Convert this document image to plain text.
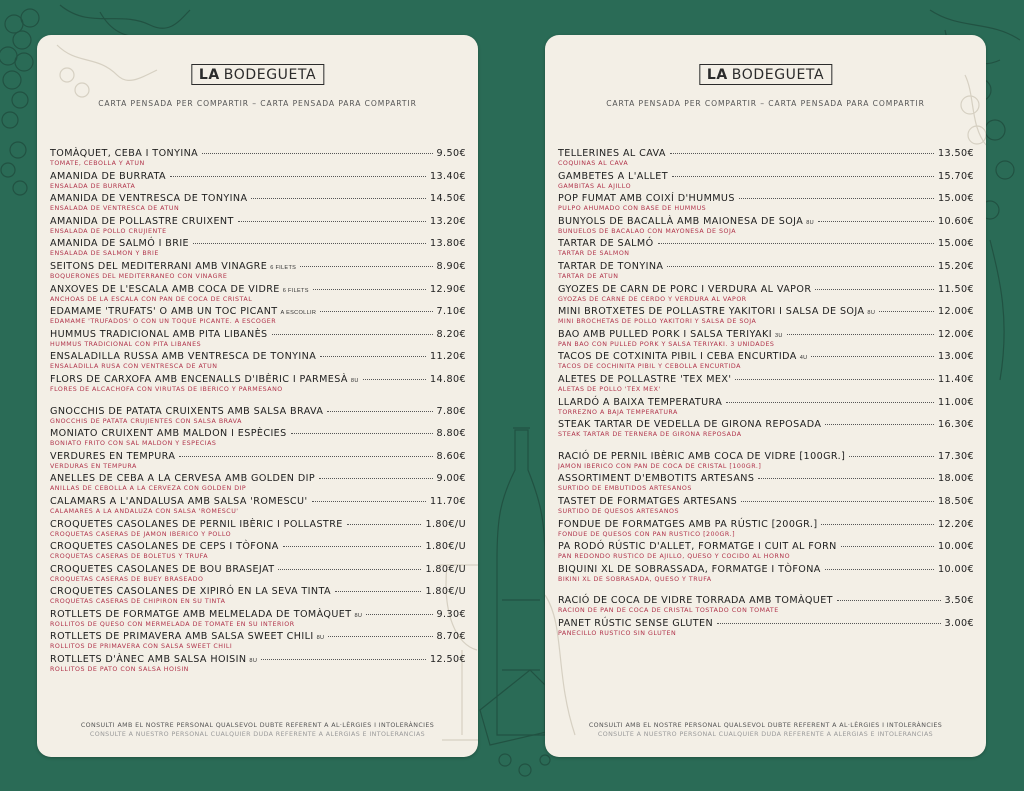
LA BODEGUETA
CARTA PENSADA PER COMPARTIR – CARTA PENSADA PARA COMPARTIR
TOMÀQUET, CEBA I TONYINA	9.50€
TOMATE, CEBOLLA Y ATÚN
AMANIDA DE BURRATA	13.40€
ENSALADA DE BURRATA
AMANIDA DE VENTRESCA DE TONYINA	14.50€
ENSALADA DE VENTRESCA DE ATÚN
AMANIDA DE POLLASTRE CRUIXENT	13.20€
ENSALADA DE POLLO CRUJIENTE
AMANIDA DE SALMÓ I BRIE	13.80€
ENSALADA DE SALMÓN Y BRIE
SEITONS DEL MEDITERRANI AMB VINAGRE 6 FILETS	8.90€
BOQUERONES DEL MEDITERRÁNEO CON VINAGRE
ANXOVES DE L'ESCALA AMB COCA DE VIDRE 6 FILETS	12.90€
ANCHOAS DE LA ESCALA CON PAN DE COCA DE CRISTAL
EDAMAME 'TRUFATS' O AMB UN TOC PICANT A ESCOLLIR	7.10€
EDAMAME 'TRUFADOS' O CON UN TOQUE PICANTE. A ESCOGER
HUMMUS TRADICIONAL AMB PITA LIBANÈS	8.20€
HUMMUS TRADICIONAL CON PITA LIBANÉS
ENSALADILLA RUSSA AMB VENTRESCA DE TONYINA	11.20€
ENSALADILLA RUSA CON VENTRESCA DE ATÚN
FLORS DE CARXOFA AMB ENCENALLS D'IBÈRIC I PARMESÀ 8U	14.80€
FLORES DE ALCACHOFA CON VIRUTAS DE IBÉRICO Y PARMESANO
GNOCCHIS DE PATATA CRUIXENTS AMB SALSA BRAVA	7.80€
GNOCCHIS DE PATATA CRUJIENTES CON SALSA BRAVA
MONIATO CRUIXENT AMB MALDON I ESPÈCIES	8.80€
BONIATO FRITO CON SAL MALDON Y ESPECIAS
VERDURES EN TEMPURA	8.60€
VERDURAS EN TEMPURA
ANELLES DE CEBA A LA CERVESA AMB GOLDEN DIP	9.00€
ANILLAS DE CEBOLLA A LA CERVEZA CON GOLDEN DIP
CALAMARS A L'ANDALUSA AMB SALSA 'ROMESCU'	11.70€
CALAMARES A LA ANDALUZA CON SALSA 'ROMESCU'
CROQUETES CASOLANES DE PERNIL IBÈRIC I POLLASTRE	1.80€/U
CROQUETAS CASERAS DE JAMÓN IBÉRICO Y POLLO
CROQUETES CASOLANES DE CEPS I TÒFONA	1.80€/U
CROQUETAS CASERAS DE BOLETUS Y TRUFA
CROQUETES CASOLANES DE BOU BRASEJAT	1.80€/U
CROQUETAS CASERAS DE BUEY BRASEADO
CROQUETES CASOLANES DE XIPIRÓ EN LA SEVA TINTA	1.80€/U
CROQUETAS CASERAS DE CHIPIRÓN EN SU TINTA
ROTLLETS DE FORMATGE AMB MELMELADA DE TOMÀQUET 8U	9.30€
ROLLITOS DE QUESO CON MERMELADA DE TOMATE EN SU INTERIOR
ROTLLETS DE PRIMAVERA AMB SALSA SWEET CHILI 8U	8.70€
ROLLITOS DE PRIMAVERA CON SALSA SWEET CHILI
ROTLLETS D'ÀNEC AMB SALSA HOISIN 8U	12.50€
ROLLITOS DE PATO CON SALSA HOISIN
CONSULTI AMB EL NOSTRE PERSONAL QUALSEVOL DUBTE REFERENT A AL·LÈRGIES I INTOLERÀNCIES
CONSULTE A NUESTRO PERSONAL CUALQUIER DUDA REFERENTE A ALERGIAS E INTOLERANCIAS
LA BODEGUETA
CARTA PENSADA PER COMPARTIR – CARTA PENSADA PARA COMPARTIR
TELLERINES AL CAVA	13.50€
COQUINAS AL CAVA
GAMBETES A L'ALLET	15.70€
GAMBITAS AL AJILLO
POP FUMAT AMB COIXÍ D'HUMMUS	15.00€
PULPO AHUMADO CON BASE DE HUMMUS
BUNYOLS DE BACALLÀ AMB MAIONESA DE SOJA 8U	10.60€
BUÑUELOS DE BACALAO CON MAYONESA DE SOJA
TARTAR DE SALMÓ	15.00€
TARTAR DE SALMÓN
TARTAR DE TONYINA	15.20€
TARTAR DE ATÚN
GYOZES DE CARN DE PORC I VERDURA AL VAPOR	11.50€
GYOZAS DE CARNE DE CERDO Y VERDURA AL VAPOR
MINI BROTXETES DE POLLASTRE YAKITORI I SALSA DE SOJA 8U	12.00€
MINI BROCHETAS DE POLLO YAKITORI Y SALSA DE SOJA
BAO AMB PULLED PORK I SALSA TERIYAKI 3U	12.00€
PAN BAO CON PULLED PORK Y SALSA TERIYAKI. 3 UNIDADES
TACOS DE COTXINITA PIBIL I CEBA ENCURTIDA 4U	13.00€
TACOS DE COCHINITA PIBIL Y CEBOLLA ENCURTIDA
ALETES DE POLLASTRE 'TEX MEX'	11.40€
ALETAS DE POLLO 'TEX MEX'
LLARDÓ A BAIXA TEMPERATURA	11.00€
TORREZNO A BAJA TEMPERATURA
STEAK TARTAR DE VEDELLA DE GIRONA REPOSADA	16.30€
STEAK TARTAR DE TERNERA DE GIRONA REPOSADA
RACIÓ DE PERNIL IBÈRIC AMB COCA DE VIDRE [100GR.]	17.30€
JAMÓN IBÉRICO CON PAN DE COCA DE CRISTAL [100GR.]
ASSORTIMENT D'EMBOTITS ARTESANS	18.00€
SURTIDO DE EMBUTIDOS ARTESANOS
TASTET DE FORMATGES ARTESANS	18.50€
SURTIDO DE QUESOS ARTESANOS
FONDUE DE FORMATGES AMB PA RÚSTIC [200GR.]	12.20€
FONDUE DE QUESOS CON PAN RÚSTICO [200GR.]
PA RODÓ RÚSTIC D'ALLET, FORMATGE I CUIT AL FORN	10.00€
PAN REDONDO RÚSTICO DE AJILLO, QUESO Y COCIDO AL HORNO
BIQUINI XL DE SOBRASSADA, FORMATGE I TÒFONA	10.00€
BIKINI XL DE SOBRASADA, QUESO Y TRUFA
RACIÓ DE COCA DE VIDRE TORRADA AMB TOMÀQUET	3.50€
RACIÓN DE PAN DE COCA DE CRISTAL TOSTADO CON TOMATE
PANET RÚSTIC SENSE GLUTEN	3.00€
PANECILLO RÚSTICO SIN GLUTEN
CONSULTI AMB EL NOSTRE PERSONAL QUALSEVOL DUBTE REFERENT A AL·LÈRGIES I INTOLERÀNCIES
CONSULTE A NUESTRO PERSONAL CUALQUIER DUDA REFERENTE A ALERGIAS E INTOLERANCIAS
